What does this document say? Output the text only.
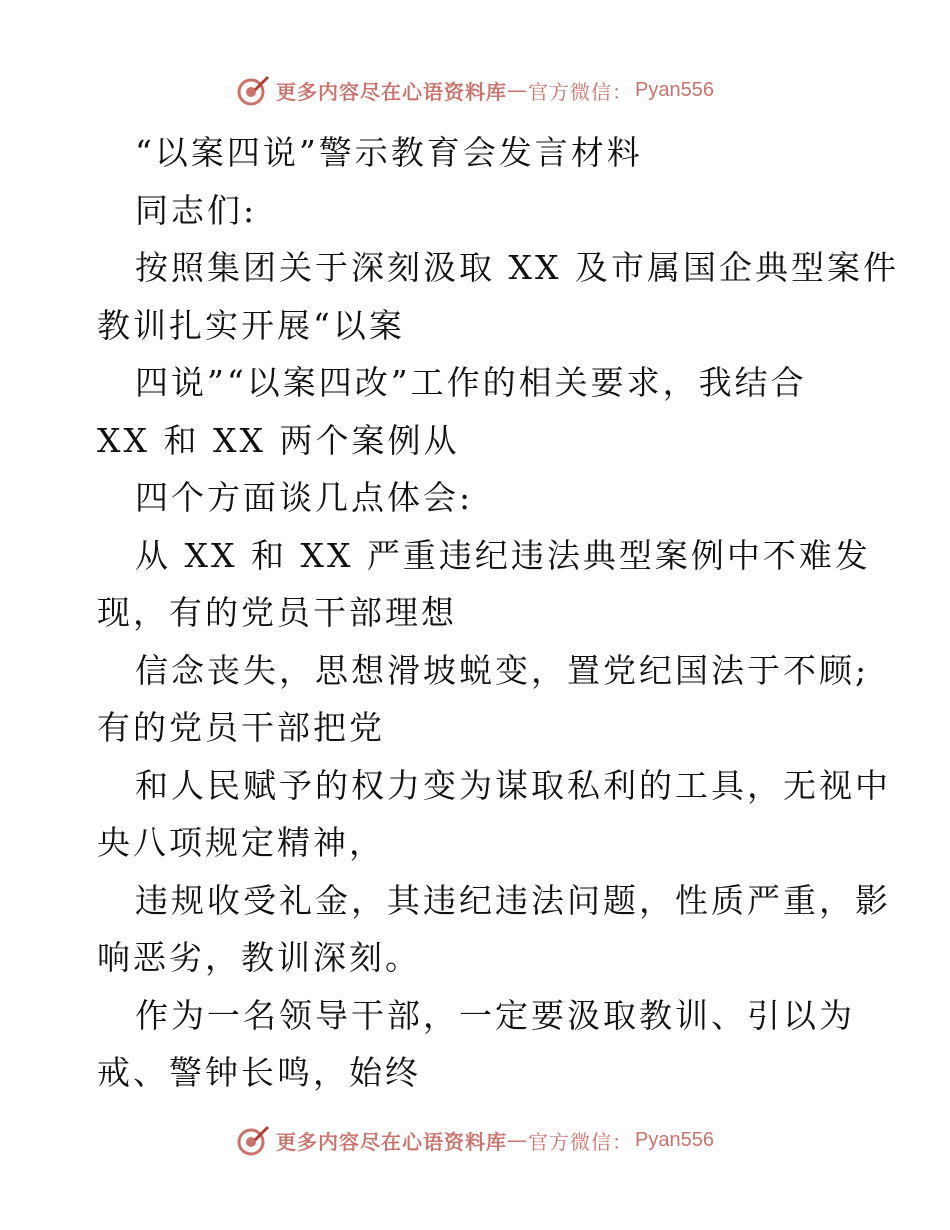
更多内容尽在心语资料库 — 官方微信： Pyan556
“以案四说”警示教育会发言材料
同志们:
按照集团关于深刻汲取 XX 及市属国企典型案件
教训扎实开展“以案
四说”“以案四改”工作的相关要求，我结合
XX 和 XX 两个案例从
四个方面谈几点体会:
从 XX 和 XX 严重违纪违法典型案例中不难发
现，有的党员干部理想
信念丧失，思想滑坡蜕变，置党纪国法于不顾;
有的党员干部把党
和人民赋予的权力变为谋取私利的工具，无视中
央八项规定精神，
违规收受礼金，其违纪违法问题，性质严重，影
响恶劣，教训深刻。
作为一名领导干部，一定要汲取教训、引以为
戒、警钟长鸣，始终
更多内容尽在心语资料库 — 官方微信： Pyan556
